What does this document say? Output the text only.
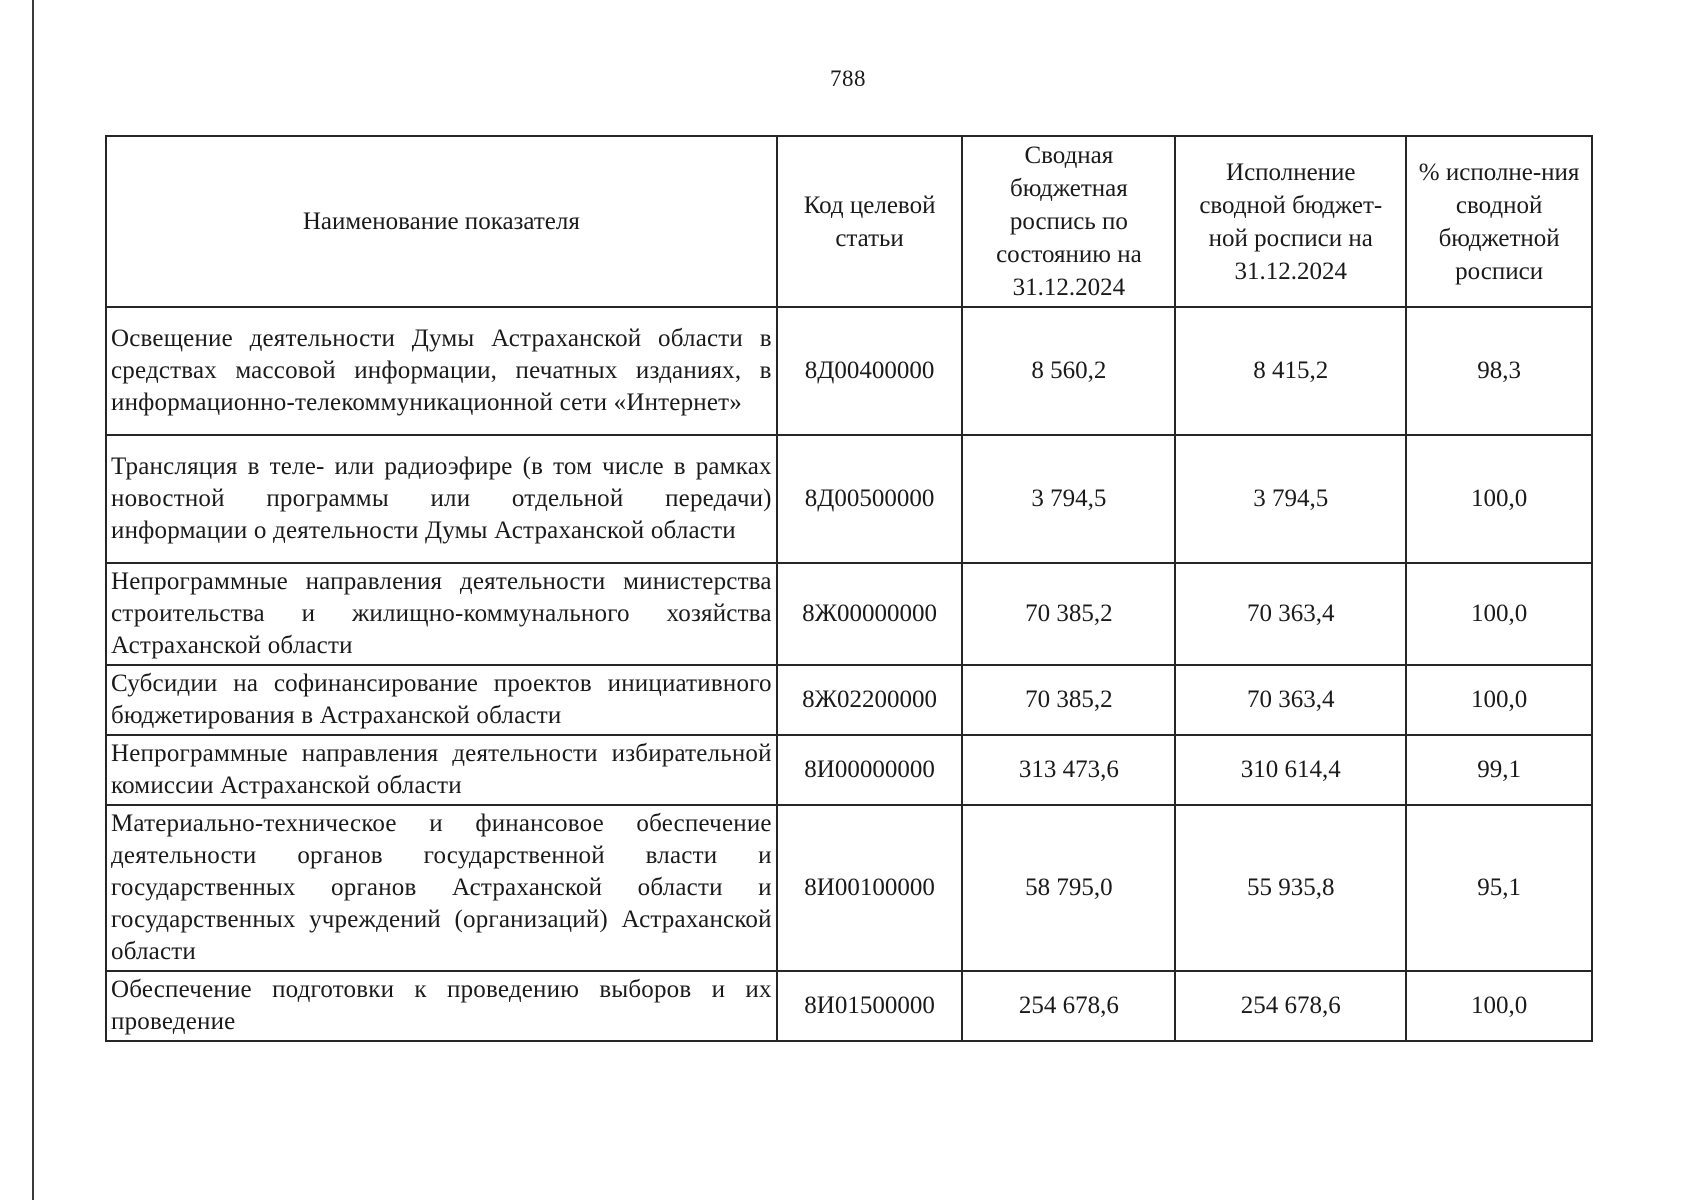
788
Наименование показателя	Код целевой статьи	Сводная бюджетная роспись по состоянию на 31.12.2024	Исполнение сводной бюджет-ной росписи на 31.12.2024	% исполне-ния сводной бюджетной росписи
Освещение деятельности Думы Астраханской области в средствах массовой информации, печатных изданиях, в информационно-телекоммуникационной сети «Интернет»	8Д00400000	8 560,2	8 415,2	98,3
Трансляция в теле- или радиоэфире (в том числе в рамках новостной программы или отдельной передачи) информации о деятельности Думы Астраханской области	8Д00500000	3 794,5	3 794,5	100,0
Непрограммные направления деятельности министерства строительства и жилищно-коммунального хозяйства Астраханской области	8Ж00000000	70 385,2	70 363,4	100,0
Субсидии на софинансирование проектов инициативного бюджетирования в Астраханской области	8Ж02200000	70 385,2	70 363,4	100,0
Непрограммные направления деятельности избирательной комиссии Астраханской области	8И00000000	313 473,6	310 614,4	99,1
Материально-техническое и финансовое обеспечение деятельности органов государственной власти и государственных органов Астраханской области и государственных учреждений (организаций) Астраханской области	8И00100000	58 795,0	55 935,8	95,1
Обеспечение подготовки к проведению выборов и их проведение	8И01500000	254 678,6	254 678,6	100,0
